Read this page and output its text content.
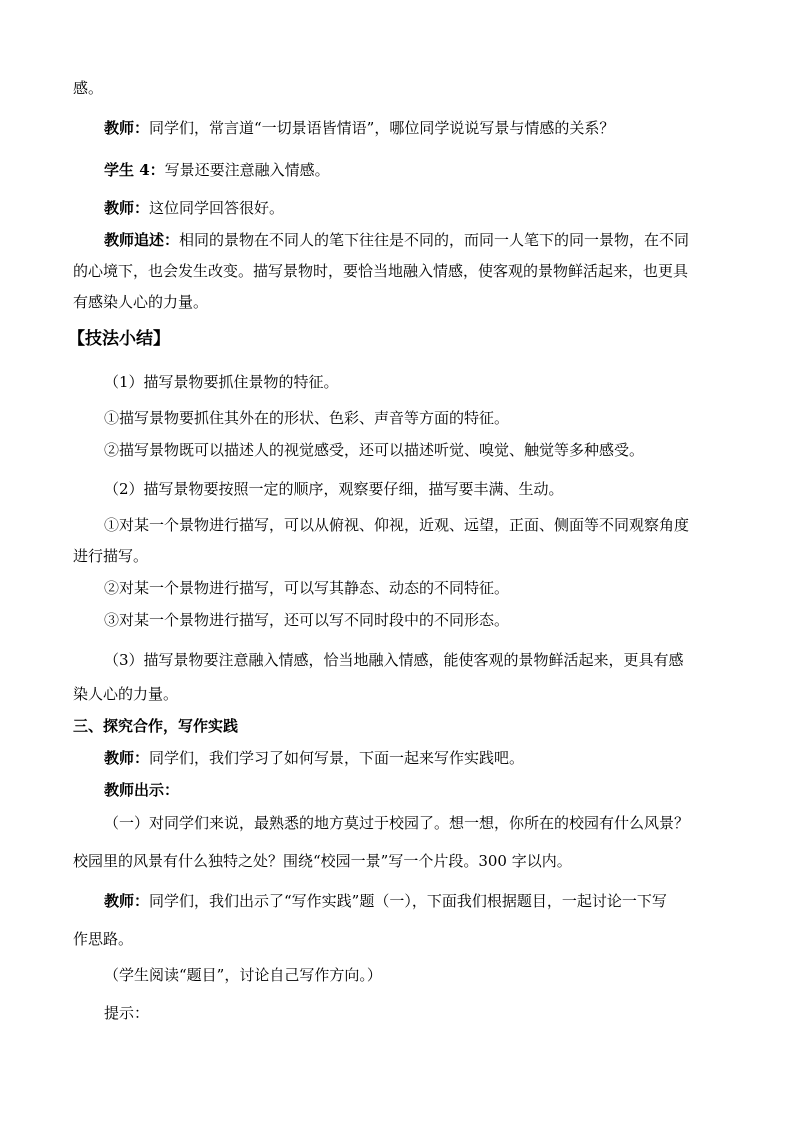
感。
教师：同学们，常言道“一切景语皆情语”，哪位同学说说写景与情感的关系？
学生 4：写景还要注意融入情感。
教师：这位同学回答很好。
教师追述：相同的景物在不同人的笔下往往是不同的，而同一人笔下的同一景物，在不同
的心境下，也会发生改变。描写景物时，要恰当地融入情感，使客观的景物鲜活起来，也更具
有感染人心的力量。
【技法小结】
（1）描写景物要抓住景物的特征。
①描写景物要抓住其外在的形状、色彩、声音等方面的特征。
②描写景物既可以描述人的视觉感受，还可以描述听觉、嗅觉、触觉等多种感受。
（2）描写景物要按照一定的顺序，观察要仔细，描写要丰满、生动。
①对某一个景物进行描写，可以从俯视、仰视，近观、远望，正面、侧面等不同观察角度
进行描写。
②对某一个景物进行描写，可以写其静态、动态的不同特征。
③对某一个景物进行描写，还可以写不同时段中的不同形态。
（3）描写景物要注意融入情感，恰当地融入情感，能使客观的景物鲜活起来，更具有感
染人心的力量。
三、探究合作，写作实践
教师：同学们，我们学习了如何写景，下面一起来写作实践吧。
教师出示：
（一）对同学们来说，最熟悉的地方莫过于校园了。想一想，你所在的校园有什么风景？
校园里的风景有什么独特之处？围绕“校园一景”写一个片段。300 字以内。
教师：同学们，我们出示了“写作实践”题（一），下面我们根据题目，一起讨论一下写
作思路。
（学生阅读“题目”，讨论自己写作方向。）
提示：
